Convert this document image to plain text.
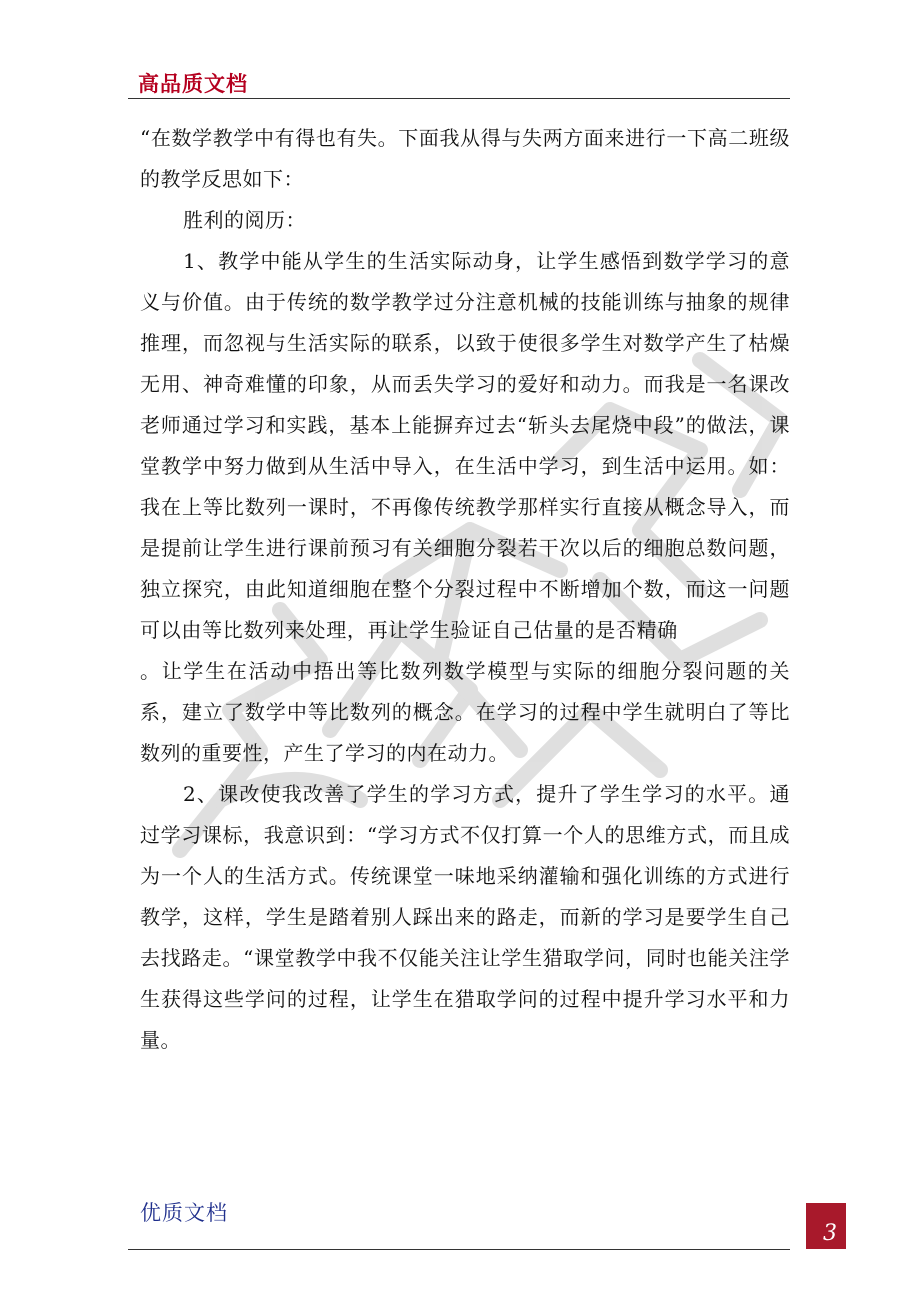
高品质文档

“在数学教学中有得也有失。下面我从得与失两方面来进行一下高二班级的教学反思如下：

胜利的阅历：

1、教学中能从学生的生活实际动身，让学生感悟到数学学习的意义与价值。由于传统的数学教学过分注意机械的技能训练与抽象的规律推理，而忽视与生活实际的联系，以致于使很多学生对数学产生了枯燥无用、神奇难懂的印象，从而丢失学习的爱好和动力。而我是一名课改老师通过学习和实践，基本上能摒弃过去“斩头去尾烧中段”的做法，课堂教学中努力做到从生活中导入，在生活中学习，到生活中运用。如：我在上等比数列一课时，不再像传统教学那样实行直接从概念导入，而是提前让学生进行课前预习有关细胞分裂若干次以后的细胞总数问题，独立探究，由此知道细胞在整个分裂过程中不断增加个数，而这一问题可以由等比数列来处理，再让学生验证自己估量的是否精确。让学生在活动中捂出等比数列数学模型与实际的细胞分裂问题的关系，建立了数学中等比数列的概念。在学习的过程中学生就明白了等比数列的重要性，产生了学习的内在动力。

2、课改使我改善了学生的学习方式，提升了学生学习的水平。通过学习课标，我意识到：“学习方式不仅打算一个人的思维方式，而且成为一个人的生活方式。传统课堂一味地采纳灌输和强化训练的方式进行教学，这样，学生是踏着别人踩出来的路走，而新的学习是要学生自己去找路走。“课堂教学中我不仅能关注让学生猎取学问，同时也能关注学生获得这些学问的过程，让学生在猎取学问的过程中提升学习水平和力量。

优质文档
3
